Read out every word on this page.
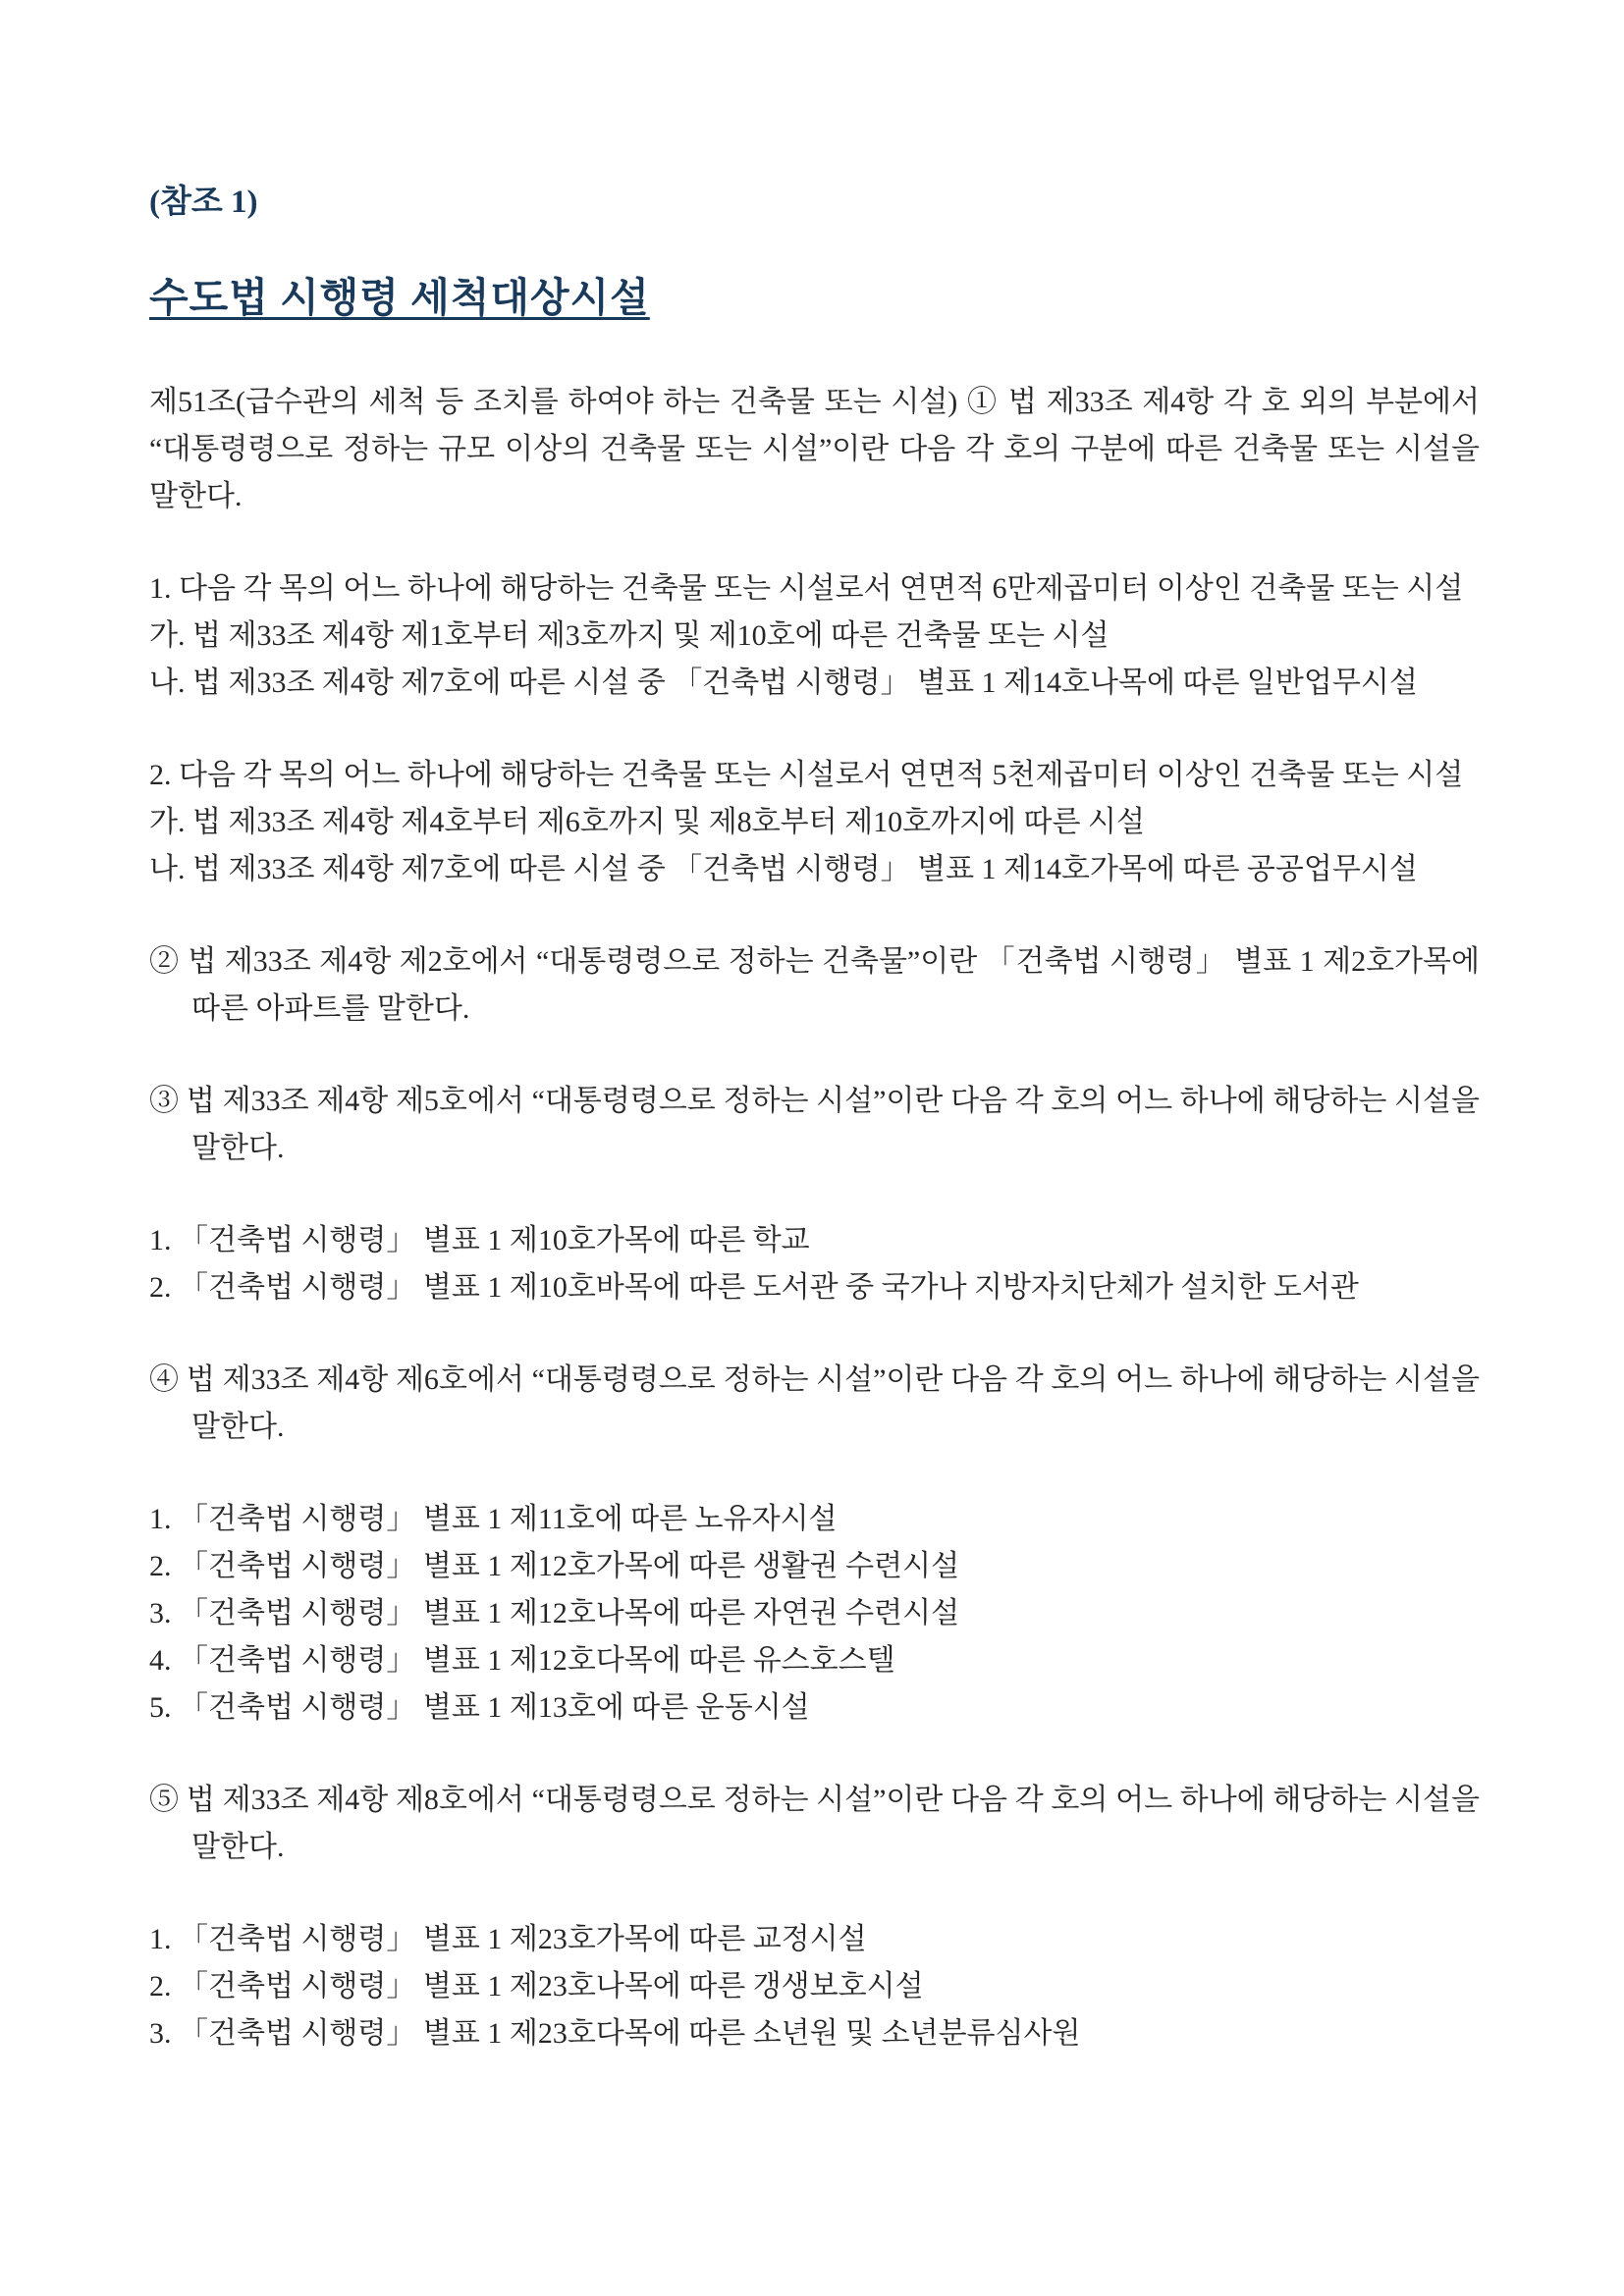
(참조 1)
수도법 시행령 세척대상시설
제51조(급수관의 세척 등 조치를 하여야 하는 건축물 또는 시설) ① 법 제33조 제4항 각 호 외의 부분에서 “대통령령으로 정하는 규모 이상의 건축물 또는 시설”이란 다음 각 호의 구분에 따른 건축물 또는 시설을 말한다.
1. 다음 각 목의 어느 하나에 해당하는 건축물 또는 시설로서 연면적 6만제곱미터 이상인 건축물 또는 시설
가. 법 제33조 제4항 제1호부터 제3호까지 및 제10호에 따른 건축물 또는 시설
나. 법 제33조 제4항 제7호에 따른 시설 중 「건축법 시행령」 별표 1 제14호나목에 따른 일반업무시설
2. 다음 각 목의 어느 하나에 해당하는 건축물 또는 시설로서 연면적 5천제곱미터 이상인 건축물 또는 시설
가. 법 제33조 제4항 제4호부터 제6호까지 및 제8호부터 제10호까지에 따른 시설
나. 법 제33조 제4항 제7호에 따른 시설 중 「건축법 시행령」 별표 1 제14호가목에 따른 공공업무시설
② 법 제33조 제4항 제2호에서 “대통령령으로 정하는 건축물”이란 「건축법 시행령」 별표 1 제2호가목에 따른 아파트를 말한다.
③ 법 제33조 제4항 제5호에서 “대통령령으로 정하는 시설”이란 다음 각 호의 어느 하나에 해당하는 시설을 말한다.
1. 「건축법 시행령」 별표 1 제10호가목에 따른 학교
2. 「건축법 시행령」 별표 1 제10호바목에 따른 도서관 중 국가나 지방자치단체가 설치한 도서관
④ 법 제33조 제4항 제6호에서 “대통령령으로 정하는 시설”이란 다음 각 호의 어느 하나에 해당하는 시설을 말한다.
1. 「건축법 시행령」 별표 1 제11호에 따른 노유자시설
2. 「건축법 시행령」 별표 1 제12호가목에 따른 생활권 수련시설
3. 「건축법 시행령」 별표 1 제12호나목에 따른 자연권 수련시설
4. 「건축법 시행령」 별표 1 제12호다목에 따른 유스호스텔
5. 「건축법 시행령」 별표 1 제13호에 따른 운동시설
⑤ 법 제33조 제4항 제8호에서 “대통령령으로 정하는 시설”이란 다음 각 호의 어느 하나에 해당하는 시설을 말한다.
1. 「건축법 시행령」 별표 1 제23호가목에 따른 교정시설
2. 「건축법 시행령」 별표 1 제23호나목에 따른 갱생보호시설
3. 「건축법 시행령」 별표 1 제23호다목에 따른 소년원 및 소년분류심사원
